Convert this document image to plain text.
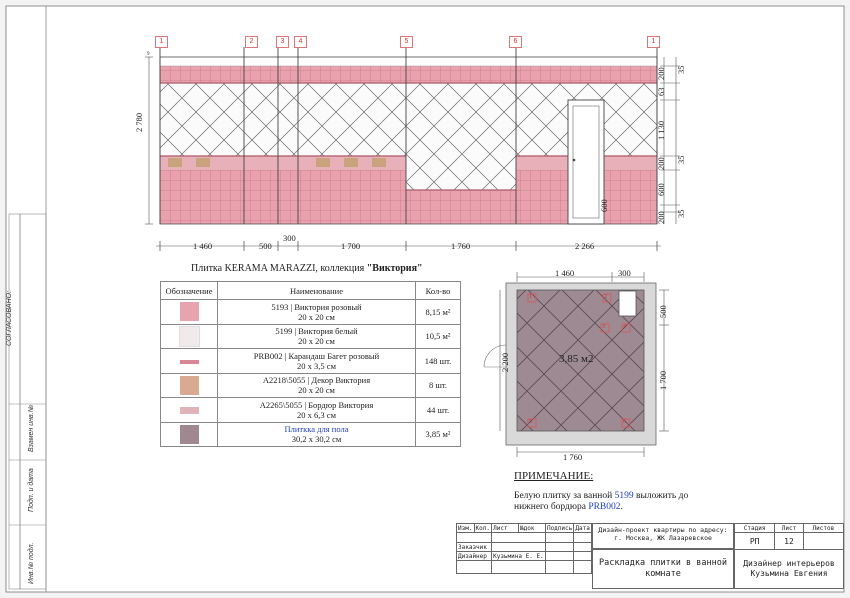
1	2	3	4	5	6	1
2 780
9
600
200 35
63
1 130
200 35
600
200 35
1 460	500
300
1 700	1 760	2 266
Плитка KERAMA MARAZZI, коллекция "Виктория"
Обозначение	Наименование	Кол-во
	5193 | Виктория розовый
20 х 20 см	8,15 м²
	5199 | Виктория белый
20 х 20 см	10,5 м²
	PRB002 | Карандаш Багет розовый
20 х 3,5 см	148 шт.
	A2218\5055 | Декор Виктория
20 х 20 см	8 шт.
	A2265\5055 | Бордюр Виктория
20 х 6,3 см	44 шт.
	Плиткка для пола
30,2 х 30,2 см	3,85 м²
3,85 м2
1 460	300
500
1 700
2 200
1 760
1	2
3	4
5	6
ПРИМЕЧАНИЕ:
Белую плитку за ванной 5199 выложить до нижнего бордюра PRB002.
СОГЛАСОВАНО:
Взамен инв.№
Подп. и дата
Инв.№ подл.
Изм.	Кол.	Лист	№док	Подпись	Дата

Заказчик					
Дизайнер		Кузьмина Е. Е.			

Дизайн-проект квартиры по адресу: г. Москва, ЖК Лазаревское
Раскладка плитки в ванной комнате
Стадия	Лист	Листов
РП	12	
Дизайнер интерьеров Кузьмина Евгения
